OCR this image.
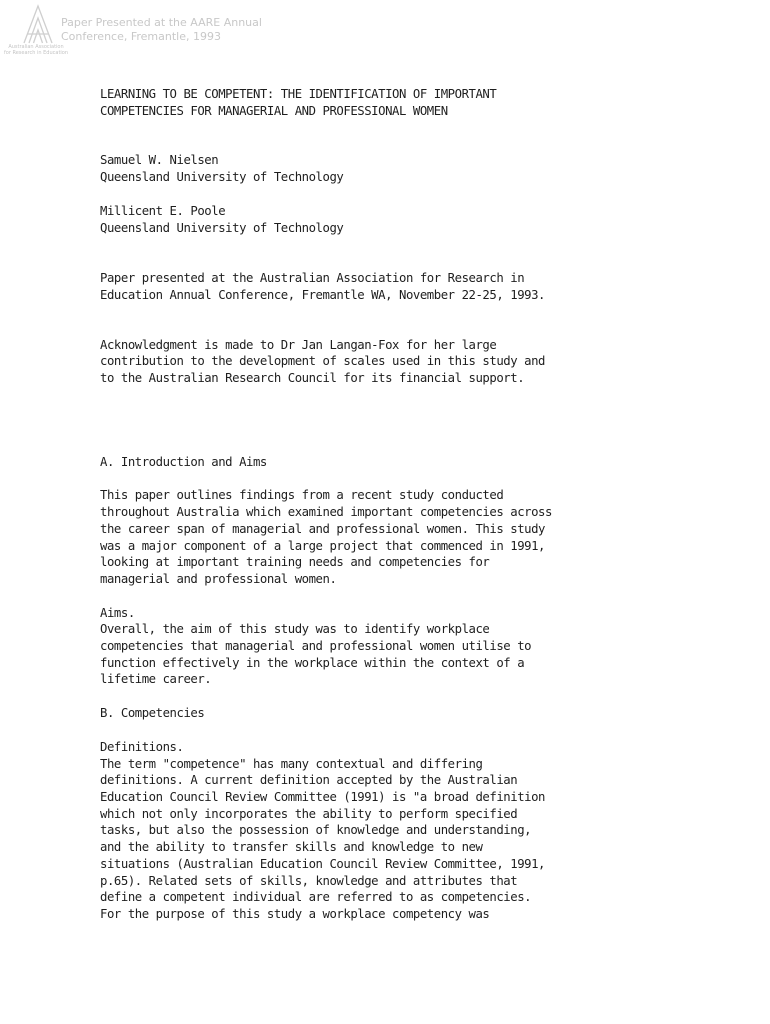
Australian Association
for Research in Education
Paper Presented at the AARE Annual
Conference, Fremantle, 1993

LEARNING TO BE COMPETENT: THE IDENTIFICATION OF IMPORTANT
COMPETENCIES FOR MANAGERIAL AND PROFESSIONAL WOMEN

Samuel W. Nielsen

Queensland University of Technology

Millicent E. Poole

Queensland University of Technology

Paper presented at the Australian Association for Research in
Education Annual Conference, Fremantle WA, November 22-25, 1993.

Acknowledgment is made to Dr Jan Langan-Fox for her large
contribution to the development of scales used in this study and
to the Australian Research Council for its financial support.

A. Introduction and Aims

This paper outlines findings from a recent study conducted
throughout Australia which examined important competencies across
the career span of managerial and professional women. This study
was a major component of a large project that commenced in 1991,
looking at important training needs and competencies for
managerial and professional women.

Aims.
Overall, the aim of this study was to identify workplace
competencies that managerial and professional women utilise to
function effectively in the workplace within the context of a
lifetime career.

B. Competencies

Definitions.
The term "competence" has many contextual and differing
definitions. A current definition accepted by the Australian
Education Council Review Committee (1991) is "a broad definition
which not only incorporates the ability to perform specified
tasks, but also the possession of knowledge and understanding,
and the ability to transfer skills and knowledge to new
situations (Australian Education Council Review Committee, 1991,
p.65). Related sets of skills, knowledge and attributes that
define a competent individual are referred to as competencies.
For the purpose of this study a workplace competency was
